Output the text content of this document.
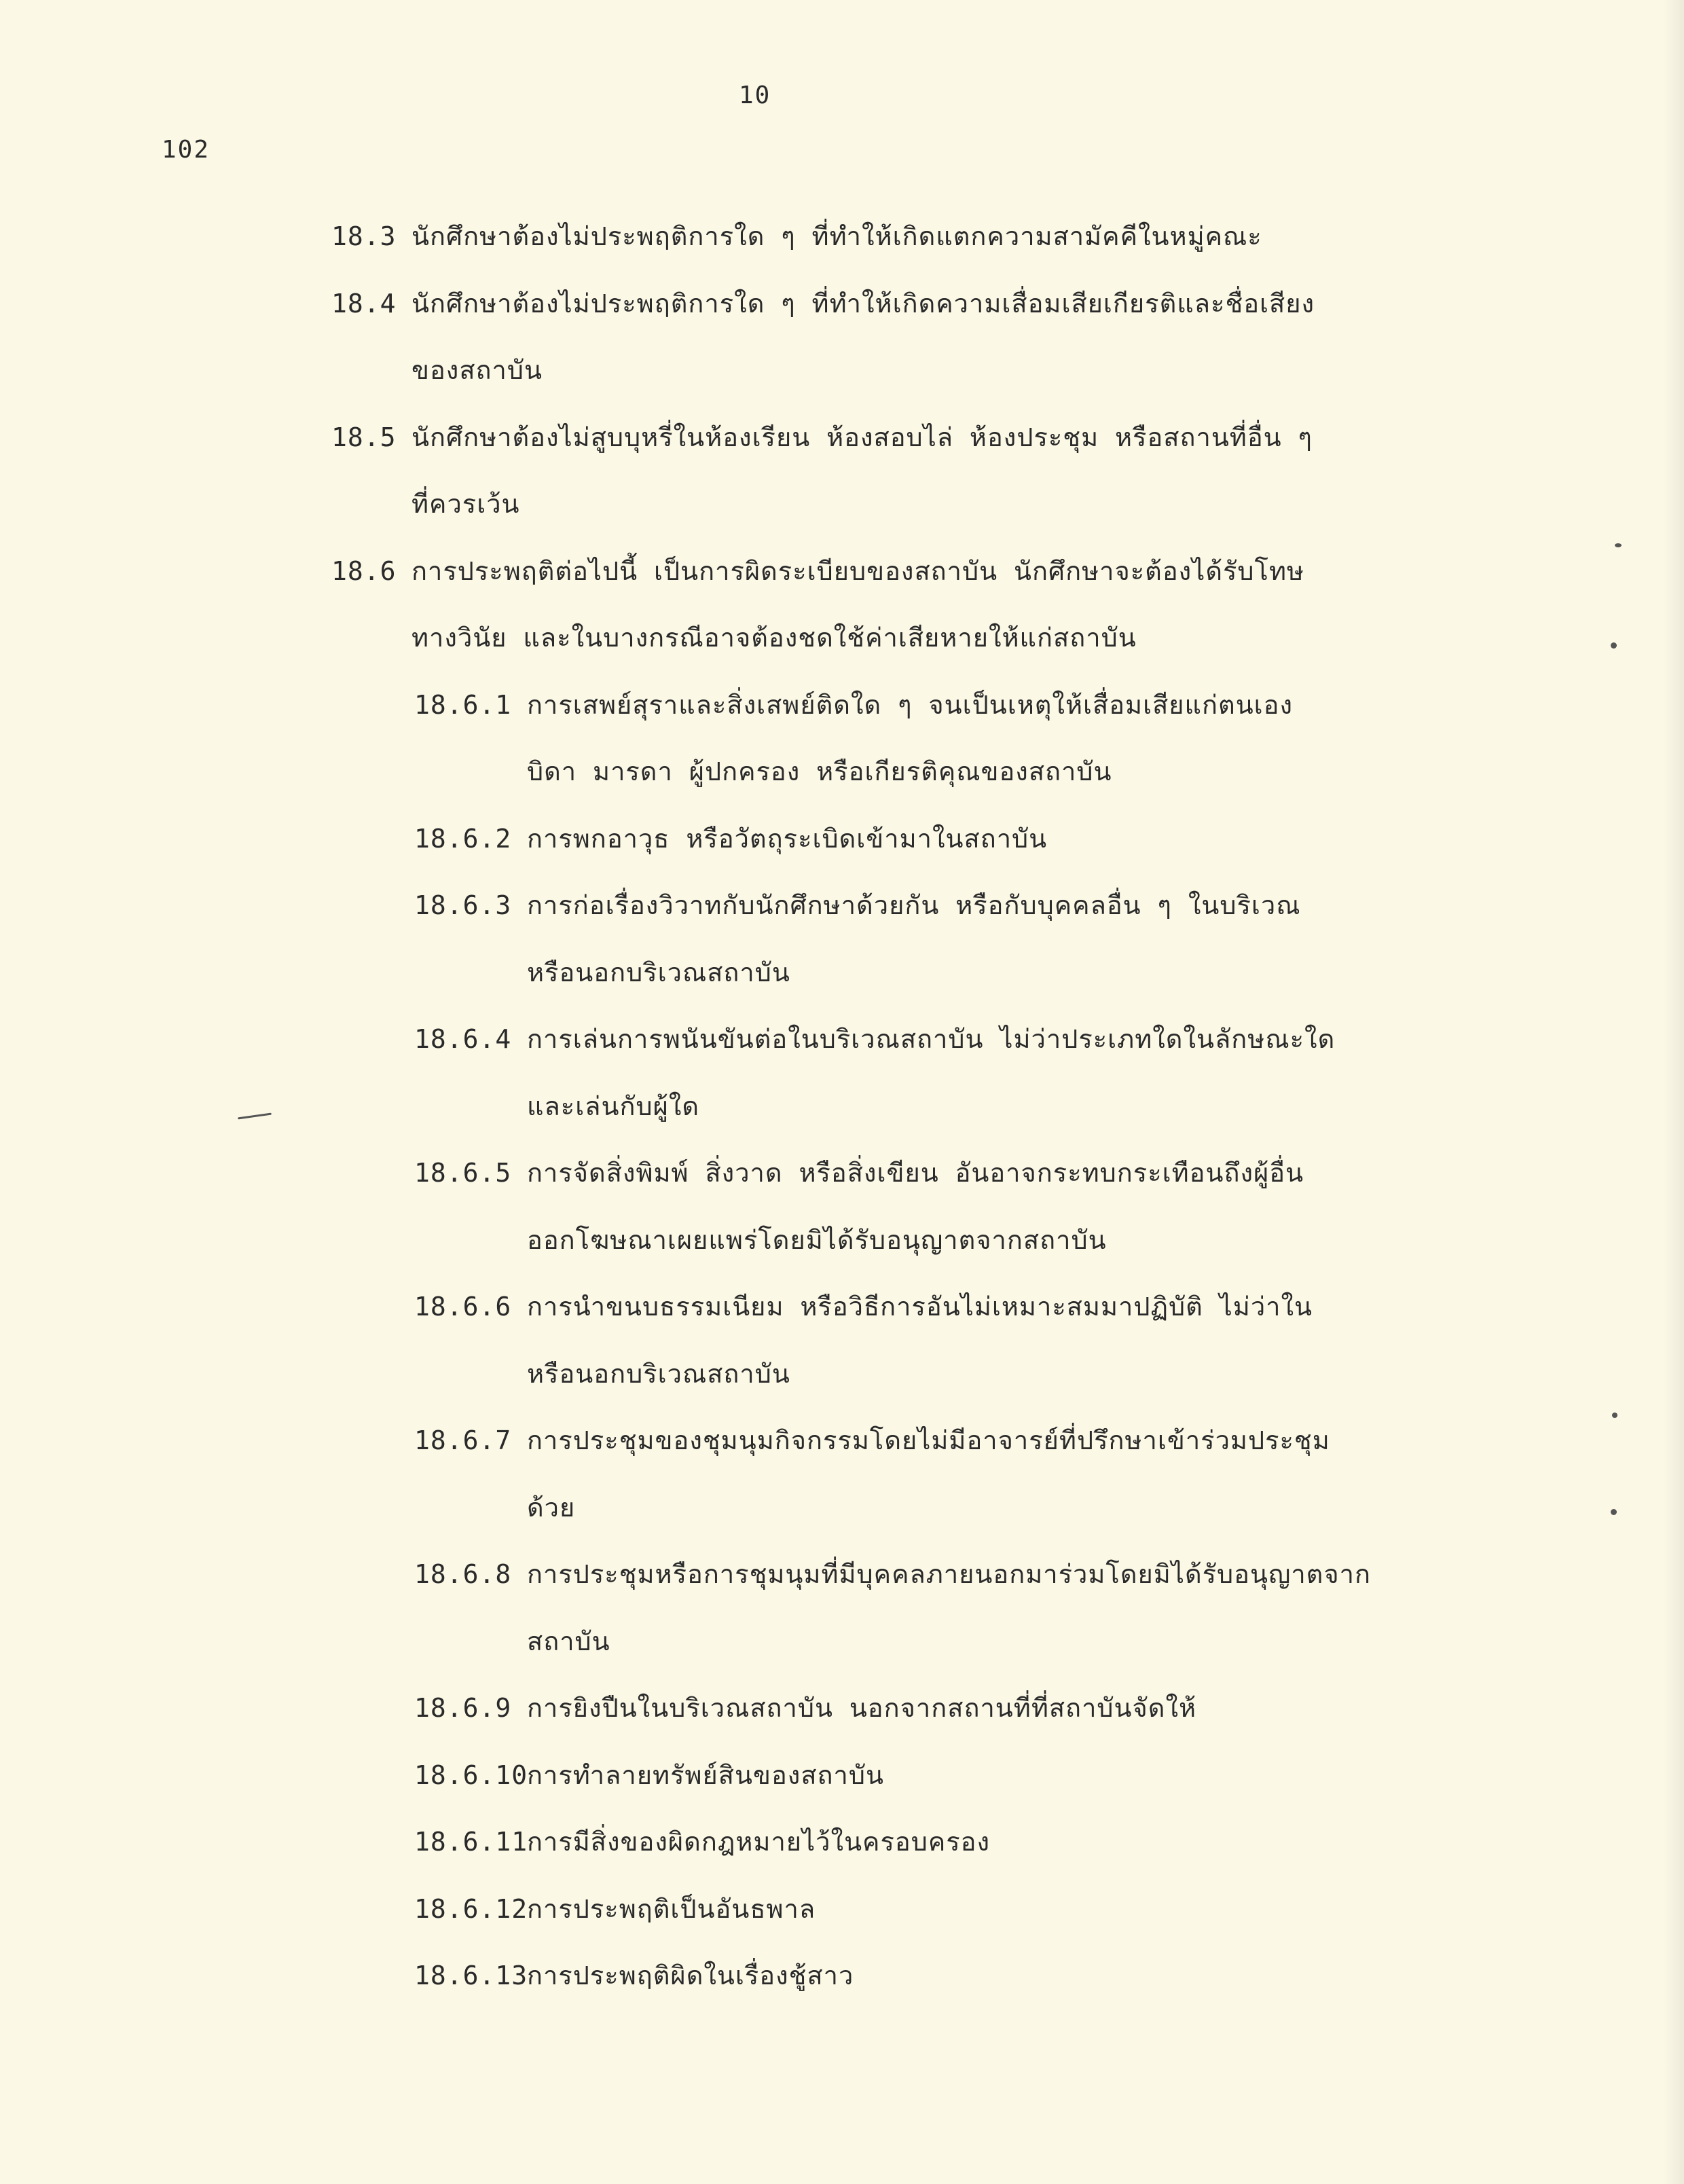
10
102
18.3 นักศึกษาต้องไม่ประพฤติการใด ๆ ที่ทำให้เกิดแตกความสามัคคีในหมู่คณะ
18.4 นักศึกษาต้องไม่ประพฤติการใด ๆ ที่ทำให้เกิดความเสื่อมเสียเกียรติและชื่อเสียง
ของสถาบัน
18.5 นักศึกษาต้องไม่สูบบุหรี่ในห้องเรียน ห้องสอบไล่ ห้องประชุม หรือสถานที่อื่น ๆ
ที่ควรเว้น
18.6 การประพฤติต่อไปนี้ เป็นการผิดระเบียบของสถาบัน นักศึกษาจะต้องได้รับโทษ
ทางวินัย และในบางกรณีอาจต้องชดใช้ค่าเสียหายให้แก่สถาบัน
18.6.1 การเสพย์สุราและสิ่งเสพย์ติดใด ๆ จนเป็นเหตุให้เสื่อมเสียแก่ตนเอง
บิดา มารดา ผู้ปกครอง หรือเกียรติคุณของสถาบัน
18.6.2 การพกอาวุธ หรือวัตถุระเบิดเข้ามาในสถาบัน
18.6.3 การก่อเรื่องวิวาทกับนักศึกษาด้วยกัน หรือกับบุคคลอื่น ๆ ในบริเวณ
หรือนอกบริเวณสถาบัน
18.6.4 การเล่นการพนันขันต่อในบริเวณสถาบัน ไม่ว่าประเภทใดในลักษณะใด
และเล่นกับผู้ใด
18.6.5 การจัดสิ่งพิมพ์ สิ่งวาด หรือสิ่งเขียน อันอาจกระทบกระเทือนถึงผู้อื่น
ออกโฆษณาเผยแพร่โดยมิได้รับอนุญาตจากสถาบัน
18.6.6 การนำขนบธรรมเนียม หรือวิธีการอันไม่เหมาะสมมาปฏิบัติ ไม่ว่าใน
หรือนอกบริเวณสถาบัน
18.6.7 การประชุมของชุมนุมกิจกรรมโดยไม่มีอาจารย์ที่ปรึกษาเข้าร่วมประชุม
ด้วย
18.6.8 การประชุมหรือการชุมนุมที่มีบุคคลภายนอกมาร่วมโดยมิได้รับอนุญาตจาก
สถาบัน
18.6.9 การยิงปืนในบริเวณสถาบัน นอกจากสถานที่ที่สถาบันจัดให้
18.6.10การทำลายทรัพย์สินของสถาบัน
18.6.11การมีสิ่งของผิดกฎหมายไว้ในครอบครอง
18.6.12การประพฤติเป็นอันธพาล
18.6.13การประพฤติผิดในเรื่องชู้สาว
